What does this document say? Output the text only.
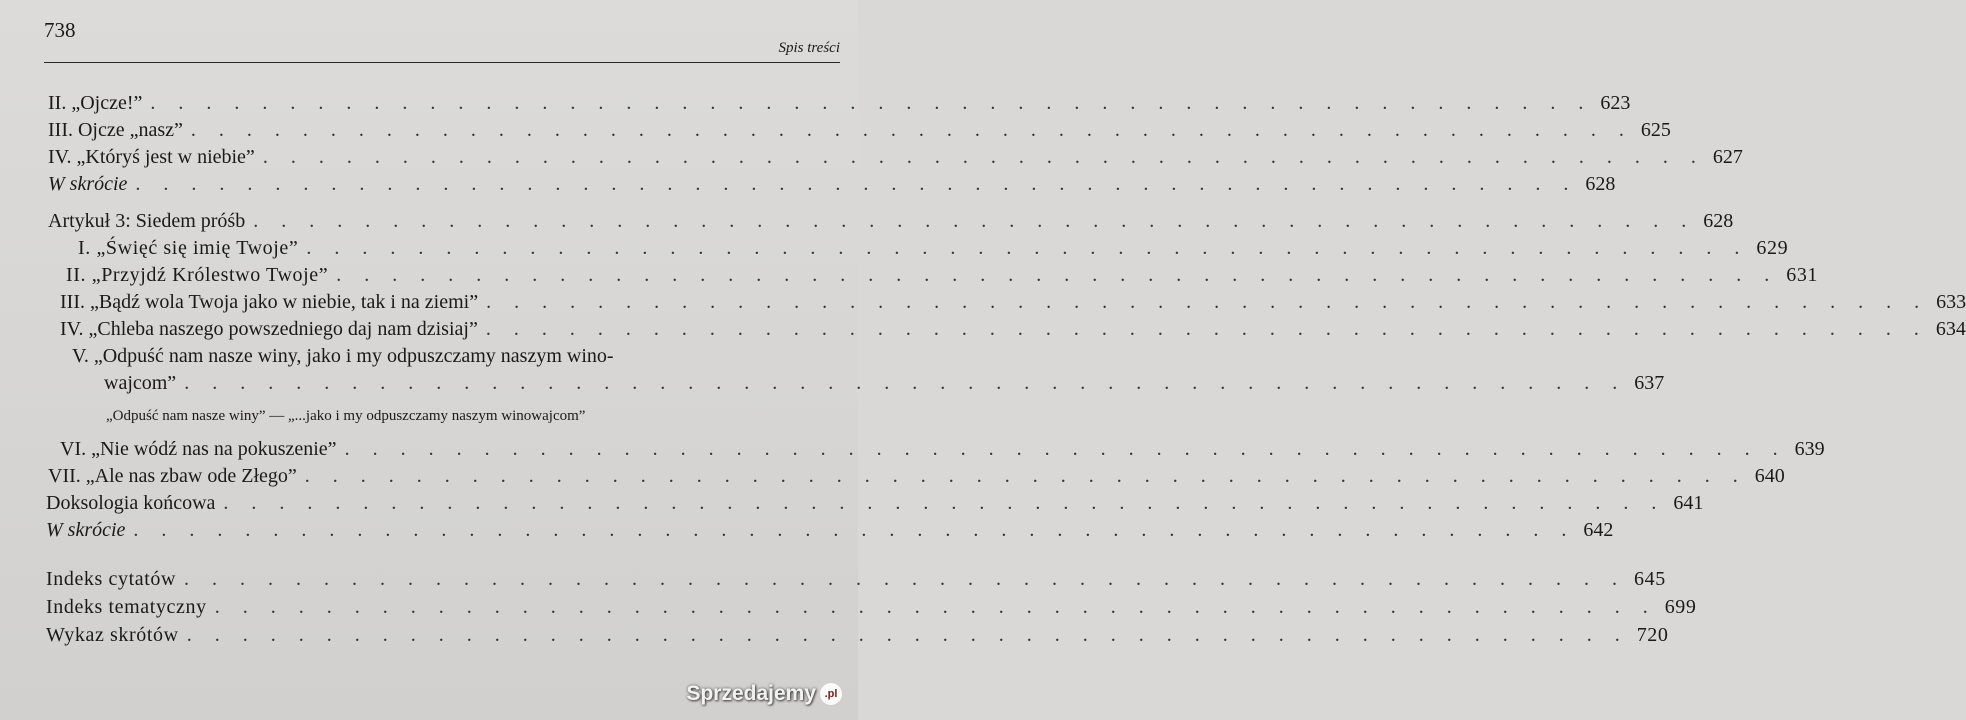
738
Spis treści
II. „Ojcze!” . . . . . . . . . . . . . . . . . . . . . . . . . . . . . . . . . . . . . . . . . . . . . . . . . . . . 623
III. Ojcze „nasz” . . . . . . . . . . . . . . . . . . . . . . . . . . . . . . . . . . . . . . . . . . . . . . . . . . . . 625
IV. „Któryś jest w niebie” . . . . . . . . . . . . . . . . . . . . . . . . . . . . . . . . . . . . . . . . . . . . . . . . . . . . 627
W skrócie . . . . . . . . . . . . . . . . . . . . . . . . . . . . . . . . . . . . . . . . . . . . . . . . . . . . 628
Artykuł 3: Siedem próśb . . . . . . . . . . . . . . . . . . . . . . . . . . . . . . . . . . . . . . . . . . . . . . . . . . . . 628
I. „Święć się imię Twoje” . . . . . . . . . . . . . . . . . . . . . . . . . . . . . . . . . . . . . . . . . . . . . . . . . . . . 629
II. „Przyjdź Królestwo Twoje” . . . . . . . . . . . . . . . . . . . . . . . . . . . . . . . . . . . . . . . . . . . . . . . . . . . . 631
III. „Bądź wola Twoja jako w niebie, tak i na ziemi” . . . . . . . . . . . . . . . . . . . . . . . . . . . . . . . . . . . . . . . . . . . . . . . . . . . . 633
IV. „Chleba naszego powszedniego daj nam dzisiaj” . . . . . . . . . . . . . . . . . . . . . . . . . . . . . . . . . . . . . . . . . . . . . . . . . . . . 634
V. „Odpuść nam nasze winy, jako i my odpuszczamy naszym wino-
wajcom” . . . . . . . . . . . . . . . . . . . . . . . . . . . . . . . . . . . . . . . . . . . . . . . . . . . . 637
„Odpuść nam nasze winy” — „...jako i my odpuszczamy naszym winowajcom”
VI. „Nie wódź nas na pokuszenie” . . . . . . . . . . . . . . . . . . . . . . . . . . . . . . . . . . . . . . . . . . . . . . . . . . . . 639
VII. „Ale nas zbaw ode Złego” . . . . . . . . . . . . . . . . . . . . . . . . . . . . . . . . . . . . . . . . . . . . . . . . . . . . 640
Doksologia końcowa . . . . . . . . . . . . . . . . . . . . . . . . . . . . . . . . . . . . . . . . . . . . . . . . . . . . 641
W skrócie . . . . . . . . . . . . . . . . . . . . . . . . . . . . . . . . . . . . . . . . . . . . . . . . . . . . 642
Indeks cytatów . . . . . . . . . . . . . . . . . . . . . . . . . . . . . . . . . . . . . . . . . . . . . . . . . . . . 645
Indeks tematyczny . . . . . . . . . . . . . . . . . . . . . . . . . . . . . . . . . . . . . . . . . . . . . . . . . . . . 699
Wykaz skrótów . . . . . . . . . . . . . . . . . . . . . . . . . . . . . . . . . . . . . . . . . . . . . . . . . . . . 720
Sprzedajemy .pl
